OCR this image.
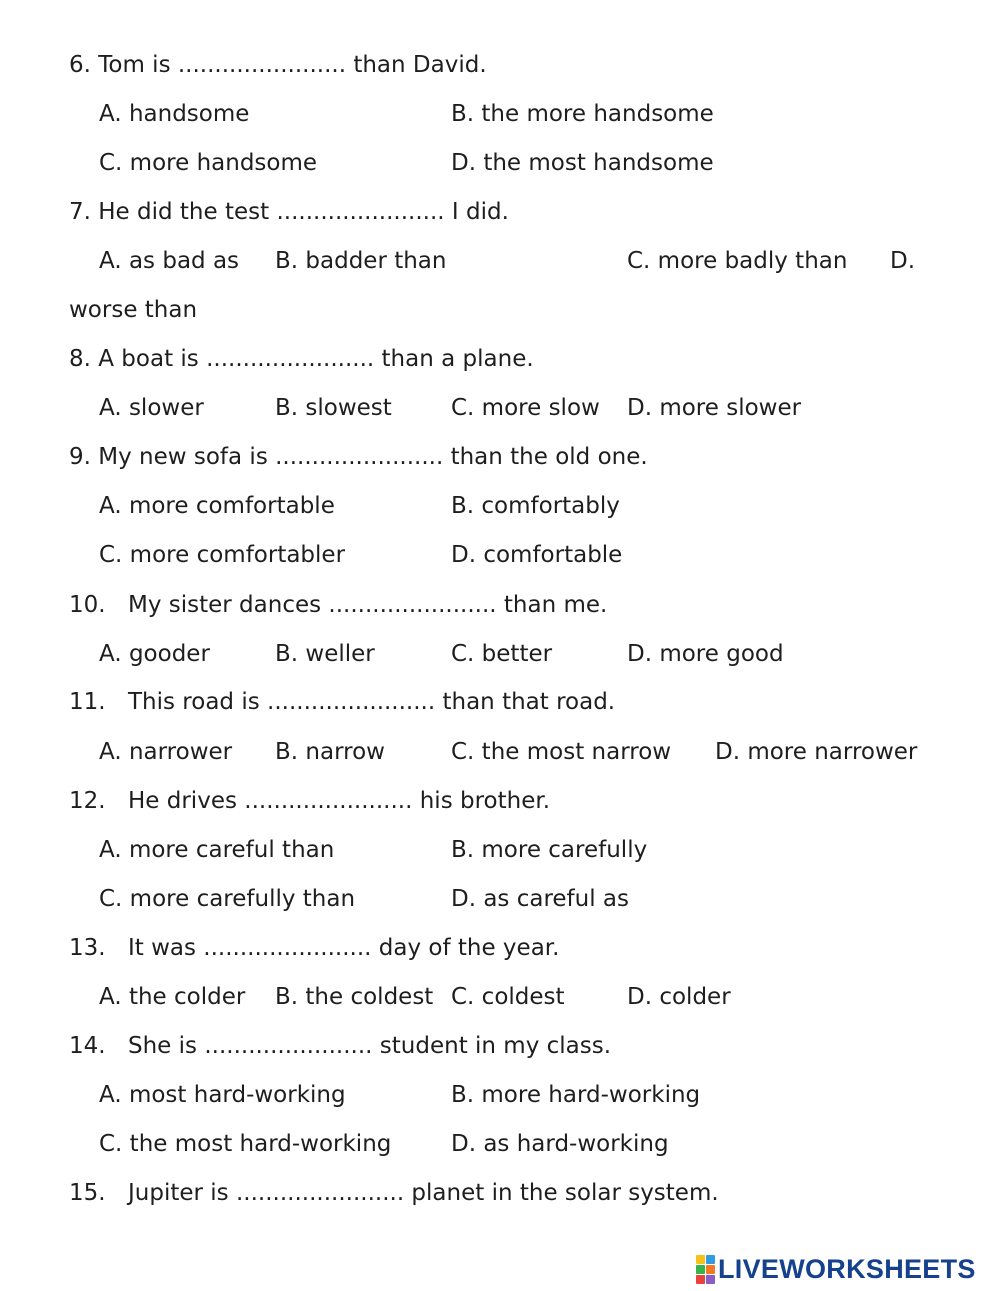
6. Tom is ....................... than David.
A. handsome	B. the more handsome
C. more handsome	D. the most handsome
7. He did the test ....................... I did.
A. as bad as B. badder than	C. more badly than D.
worse than
8. A boat is ....................... than a plane.
A. slower	B. slowest	C. more slow D. more slower
9. My new sofa is ....................... than the old one.
A. more comfortable	B. comfortably
C. more comfortabler	D. comfortable
10. My sister dances ....................... than me.
A. gooder	B. weller	C. better	D. more good
11. This road is ....................... than that road.
A. narrower B. narrow	C. the most narrow D. more narrower
12. He drives ....................... his brother.
A. more careful than	B. more carefully
C. more carefully than	D. as careful as
13. It was ....................... day of the year.
A. the colder B. the coldest C. coldest	D. colder
14. She is ....................... student in my class.
A. most hard-working	B. more hard-working
C. the most hard-working	D. as hard-working
15. Jupiter is ....................... planet in the solar system.
LIVEWORKSHEETS
